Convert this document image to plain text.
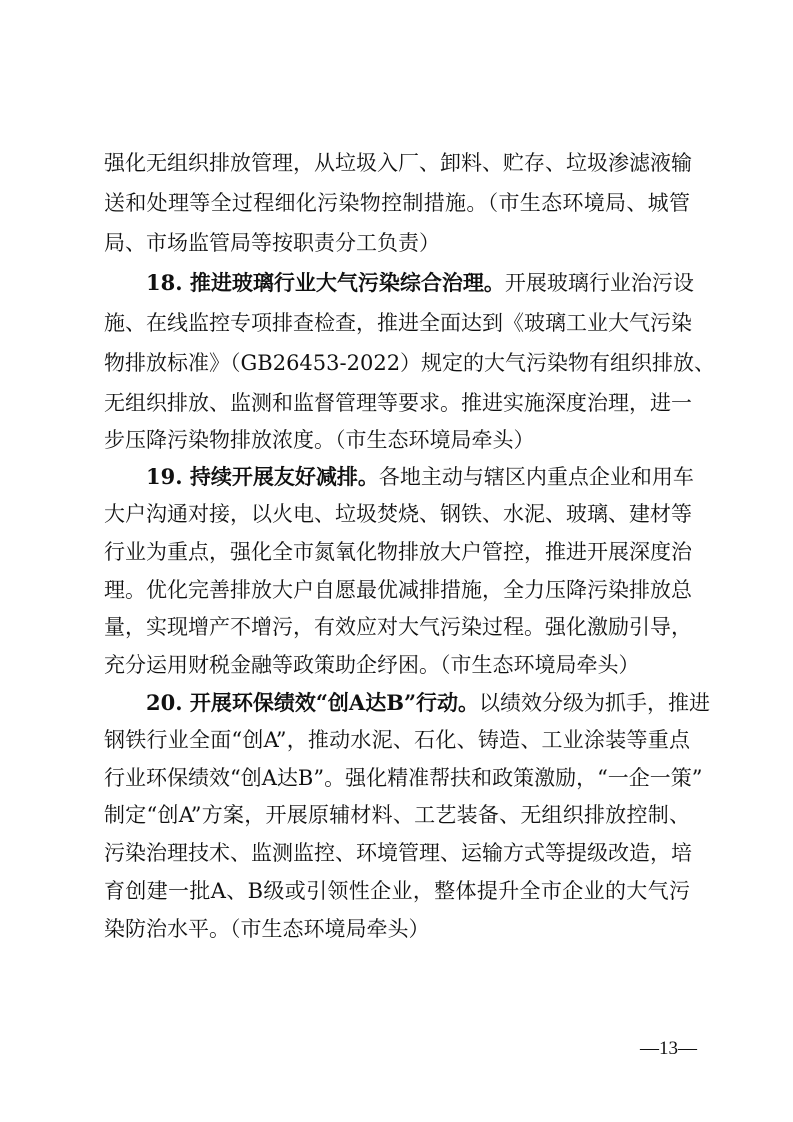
强化无组织排放管理，从垃圾入厂、卸料、贮存、垃圾渗滤液输
送和处理等全过程细化污染物控制措施。（市生态环境局、城管
局、市场监管局等按职责分工负责）
18. 推进玻璃行业大气污染综合治理。开展玻璃行业治污设
施、在线监控专项排查检查，推进全面达到《玻璃工业大气污染
物排放标准》（GB26453-2022）规定的大气污染物有组织排放、
无组织排放、监测和监督管理等要求。推进实施深度治理，进一
步压降污染物排放浓度。（市生态环境局牵头）
19. 持续开展友好减排。各地主动与辖区内重点企业和用车
大户沟通对接，以火电、垃圾焚烧、钢铁、水泥、玻璃、建材等
行业为重点，强化全市氮氧化物排放大户管控，推进开展深度治
理。优化完善排放大户自愿最优减排措施，全力压降污染排放总
量，实现增产不增污，有效应对大气污染过程。强化激励引导，
充分运用财税金融等政策助企纾困。（市生态环境局牵头）
20. 开展环保绩效“创A达B”行动。以绩效分级为抓手，推进
钢铁行业全面“创A”，推动水泥、石化、铸造、工业涂装等重点
行业环保绩效“创A达B”。强化精准帮扶和政策激励，“一企一策”
制定“创A”方案，开展原辅材料、工艺装备、无组织排放控制、
污染治理技术、监测监控、环境管理、运输方式等提级改造，培
育创建一批A、B级或引领性企业，整体提升全市企业的大气污
染防治水平。（市生态环境局牵头）
—13—
